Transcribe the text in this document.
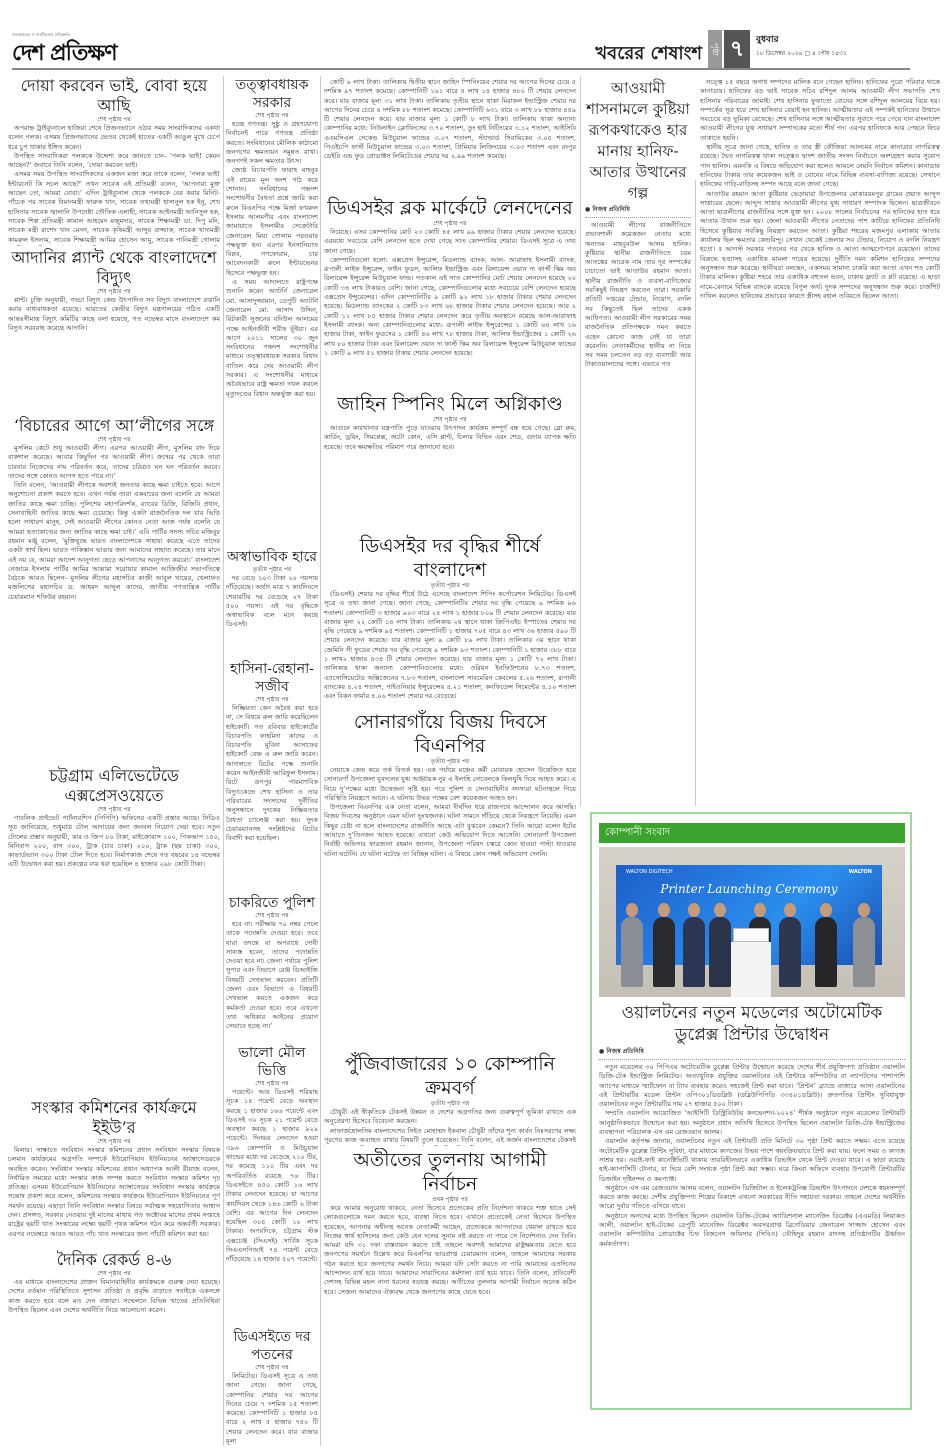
সত্যকথনের ও জাতীয়তার প্রতিশ্রুতি
দেশ প্রতিক্ষণ	খবরের শেষাংশ	পৃষ্ঠা ৭	বুধবার
১৮ ডিসেম্বর ২০২৪ ▢ ৪ পৌষ ১৪৩১
দোয়া করবেন ভাই, বোবা হয়ে আছি
শেষ পৃষ্ঠার পর

অপরাহ্ন ট্রাইব্যুনালে হাজিরা শেষে প্রিজনভ্যানে ওঠার সময় সাংবাদিকদের একথা বলেন পলক। এসময় প্রিজনভ্যানের ভেতর থেকেই হাতের একটি আঙুল মুখে চেপে ধরে চুপ থাকার ইঙ্গিত করেন।

উপস্থিত সাংবাদিকরা পলককে উদ্দেশ্য করে জানতে চান- ‘পলক ভাই! কেমন আছেন?’ জবাবে তিনি বলেন, ‘দোয়া করবেন ভাই।

এসময় সময় উপস্থিত সাংবাদিকদের একজন মজা করে তাকে বলেন, ‘পলক ভাই! ইন্টারনেট কি সচল আছে?’ তখন সাবেক এই প্রতিমন্ত্রী বলেন, ‘আপনারা মুক্ত আছেন তো, আমরা বোবা।’ এদিন ট্রাইব্যুনাল থেকে পলককে বের করার মিনিট-পাঁচেক পর সাবেক বিমানমন্ত্রী ফারুক খান, সাবেক তথ্যমন্ত্রী হাসানুল হক ইনু, শেখ হাসিনার সাবেক জ্বালানি উপদেষ্টা তৌফিক এলাহী, সাবেক আইনমন্ত্রী আনিসুল হক, সাবেক শিল্প প্রতিমন্ত্রী কামাল আহমেদ মজুমদার, সাবেক শিক্ষামন্ত্রী ডা. দিপু মনি, সাবেক মন্ত্রী রাশেদ খান মেনন, সাবেক কৃষিমন্ত্রী আব্দুর রাজ্জাক, সাবেক খাদ্যমন্ত্রী কামরুল ইসলাম, সাবেক শিক্ষামন্ত্রী আমির হোসেন আমু, সাবেক পানিমন্ত্রী গোলাম

আদানির প্ল্যান্ট থেকে বাংলাদেশে বিদ্যুৎ
শেষ পৃষ্ঠার পর

প্লান্ট। চুক্তি অনুযায়ী, গড্ডা বিদ্যুৎ কেন্দ্র উৎপাদিত সব বিদ্যুৎ বাংলাদেশে রপ্তানি করার বাধ্যবাধকতা রয়েছে। ভারতের কেন্দ্রীয় বিদ্যুৎ মন্ত্রণালয়ের গঠিত একটি আন্তঃসীমান্ত বিদ্যুৎ কমিটির কাছে বলা হয়েছে, গত নভেম্বর মাসে বাংলাদেশে কম বিদ্যুৎ সরবরাহ করেছে আদানি।

‘বিচারের আগে আ’লীগের সঙ্গে
শেষ পৃষ্ঠার পর

মুসলিম কেটে শুধু আওয়ামী লীগ। এরপর আওয়ামী লীগ, মুসলিম বাদ দিয়ে বাকশাল করেছে। আবার কিছুদিন পর আওয়ামী লীগ। জন্মের পর থেকে তারা চারবার নিজেদের নাম পরিবর্তন করে, তাদের চরিত্রও ঘন ঘন পরিবর্তন করবে। তাদের সঙ্গে কোনও আপস হতে পারে না।’

তিনি বলেন, ‘আওয়ামী লীগকে অবশ্যই জনতার কাছে ক্ষমা চাইতে হবে। আগে অনুশোচনা প্রকাশ করতে হবে। এখন পর্যন্ত তারা একবারের জন্য বলেনি যে আমরা জাতির কাছে ক্ষমা চাচ্ছি। পুলিশের মহাপরিদর্শক, র‍্যাবের ডিজি, বিজিবি প্রধান, সেনাবাহিনী জাতির কাছে ক্ষমা চেয়েছে। কিন্তু একটা রাজনৈতিক দল যার ভিত্তি হলো সাধারণ মানুষ, সেই আওয়ামী লীগের কোনও নেতা আজ পর্যন্ত বলেনি যে আমরা হত্যাকাণ্ডের জন্য জাতির কাছে ক্ষমা চাই।’ এবি পার্টির সদস্য সচিব মজিবুর রহমান মঞ্জু বলেন, ‘মুক্তিযুদ্ধে ভারত বাংলাদেশকে সাহায্য করেছে এতে তাদের একটা স্বার্থ ছিল। ভারত পাকিস্তান ভাঙার জন্য আমাদের সাহায্য করেছে। তার মানে এই নয় যে, আমরা আদেশ আনুগত্য ছেড়ে আপনাদের আনুগত্য করবো।’ বাংলাদেশ নেজামে ইসলাম পার্টির আমির আল্লামা সরোয়ার কামাল আজিজীর সভাপতিত্বে বৈঠকে আরও ছিলেন- মুসলিম লীগের মহাসচিব কাজী আবুল খায়ের, খেলাফত মজলিসের মহাসচিব ড. আহমদ আব্দুল কাদের, জাতীয় গণতান্ত্রিক পার্টির চেয়ারম্যান শফিউর রহমান।

চট্টগ্রাম এলিভেটেডে এক্সপ্রেসওয়েতে
শেষ পৃষ্ঠার পর

পাবলিক প্রাইভেট পার্টনারশিপ (পিপিপি) অফিসের একটি প্রস্তাব আছে। সিডিএ সূত্র জানিয়েছে, শুধুমাত্র টোল আদায়ের জন্য জনবল নিয়োগ দেয়া হবে। নতুন টোলের প্রস্তাব অনুযায়ী, কার ও জিপ ৮০ টাকা, মাইক্রোবাস ১০০, পিকআপ ১৫০, মিনিবাস ২০০, বাস ৩০০, ট্রাক (চার চাকা) ২০০, ট্রাক (ছয় চাকা) ৩০০, কাভার্ডভ্যান ৩০০ টাকা টোল দিতে হবে। নির্মাণকাজ শেষে গত বছরের ১৪ নভেম্বর এটি উদ্বোধন করা হয়। প্রকল্পের ব্যয় ধরা হয়েছিল ৪ হাজার ২৯৮ কোটি টাকা।

সংস্কার কমিশনের কার্যক্রমে ইইউ’র
শেষ পৃষ্ঠার পর

মিলার। সাক্ষাতে সংবিধান সংস্কার কমিশনের প্রধান সংবিধান সংস্কার বিষয়ক চলমান কার্যক্রমের অগ্রগতি সম্পর্কে ইউরোপিয়ান ইউনিয়নের অ্যাম্বাসেডরকে অবহিত করেন। সংবিধান সংস্কার কমিশনের প্রধান অধ্যাপক আলী রীয়াজ বলেন, নির্ধারিত সময়ের মধ্যে সংস্কার কাজ সম্পন্ন করতে সংবিধান সংস্কার কমিশন দৃঢ় প্রতিজ্ঞ। এসময় ইউরোপিয়ান ইউনিয়নের অ্যাম্বাসেডর সংবিধান সংস্কার কার্যক্রমে সন্তোষ প্রকাশ করে বলেন, কমিশনের সংস্কার কার্যক্রমে ইউরোপিয়ান ইউনিয়নের পূর্ণ সমর্থন রয়েছে। এছাড়া তিনি সংবিধান সংস্কার বিষয়ে সর্বাত্মক সহযোগিতার আশ্বাস দেন। প্রসঙ্গত, সরকার নেওয়ার দুই মাসের মাথায় গত অক্টোবর মাসের প্রথম সপ্তাহে রাষ্ট্রের ছয়টি খাত সংস্কারের লক্ষ্যে ছয়টি পৃথক কমিশন গঠন করে অন্তর্বর্তী সরকার। এরপর নভেম্বরে আরও আরও পাঁচ খাত সংস্কারের জন্য পাঁচটি কমিশন করা হয়।

দৈনিক রেকর্ড ৪-৬
শেষ পৃষ্ঠার পর

এর মাধ্যমে বাংলাদেশের প্রাক্তন বিমানবাহিনীর কার্যক্রমকে গুরুত্ব দেয়া হয়েছে। দেশের বর্তমান পরিস্থিতিতে সুশাসন প্রতিষ্ঠা ও প্রবৃদ্ধি বাড়াতে সবাইকে একসঙ্গে কাজ করতে হবে বলে মত দেন বক্তারা। সম্মেলনে বিভিন্ন খাতের প্রতিনিধিরা উপস্থিত ছিলেন এবং দেশের অর্থনীতি নিয়ে আলোচনা করেন।

তত্ত্বাবধায়ক সরকার
শেষ পৃষ্ঠার পর

হচ্ছে গণতন্ত্র। সুষ্ঠু ও গ্রহণযোগ্য নির্বাচনই পারে গণতন্ত্র প্রতিষ্ঠা করতে। সংবিধানের মৌলিক কাঠামো জনগণের ক্ষমতায়ন সমুন্নত রাখা। জনগণই সকল ক্ষমতার উৎস।

জ্যেষ্ঠ বিচারপতি ফারাহ মাহবুব এই রায়ের মূল অংশ পাঠ করে শোনান। সংবিধানের পঞ্চদশ সংশোধনীর বৈধতা প্রশ্নে জারি করা রুলে বিএনপির পক্ষে মির্জা ফখরুল ইসলাম আলমগীর এবং বাংলাদেশ জামায়াতে ইসলামীর সেক্রেটারি জেনারেল মিয়া গোলাম পরওয়ার পক্ষভুক্ত হন। এরপর ইনসানিয়াত বিপ্লব, গণফোরাম, চার আবেদনকারী রুলে ইন্টারভেনর হিসেবে পক্ষভুক্ত হন।

এ সময় আদালতে রাষ্ট্রপক্ষে শুনানি করেন অ্যাটর্নি জেনারেল মো. আসাদুজ্জামান, ডেপুটি অ্যাটর্নি জেনারেল মো. আসাদ উদ্দিন, রিটকারী সুজনের বদিউল আলমের পক্ষে আইনজীবী শরীফ ভূঁইয়া। এর আগে ২০১১ সালের ৩০ জুন সংবিধানের পঞ্চদশ সংশোধনীর মাধ্যমে তত্ত্বাবধায়ক সরকার বিধান বাতিল করে দেয় আওয়ামী লীগ সরকার। এ সংশোধনীর মাধ্যমে অবৈধভাবে রাষ্ট্র ক্ষমতা দখল করলে মৃত্যুদণ্ডের বিধান অন্তর্ভুক্ত করা হয়।

অস্বাভাবিক হারে
তৃতীয় পৃষ্ঠার পর

দর বেড়ে ১০৩ টাকা ২০ পয়সায় দাঁড়িয়েছে। অর্থাৎ মাত্র ৭ কার্যদিবসে শেয়ারটির দর বেড়েছে ২৭ টাকা ৫০০ পয়সা। এই দর বৃদ্ধিকে অস্বাভাবিক বলে মনে করছে ডিএসই।

হাসিনা-রেহানা-সজীব
শেষ পৃষ্ঠার পর

নিষ্ক্রিয়তা কেন অবৈধ করা হবে না, সে বিষয়ে রুল জারি করেছিলেন হাইকোর্ট। গত রবিবার হাইকোর্টের বিচারপতি ফাহমিদা কাদের ও বিচারপতি মুবিনা আসাফের হাইকোর্ট বেঞ্চ এ রুল জারি করেন। আদালতে রিটের পক্ষে শুনানি করেন আইনজীবী আরিফুল ইসলাম। রিটে রূপপুর পারমাণবিক বিদ্যুৎকেন্দ্রে শেখ হাসিনা ও তার পরিবারের সদস্যদের দুর্নীতির অনুসন্ধানে দুদকের নিষ্ক্রিয়তার বৈধতা চ্যালেঞ্জ করা হয়। দুদক চেয়ারম্যানসহ সংশ্লিষ্টদের রিটের বিবাদী করা হয়েছিল।

চাকরিতে পুলিশ
শেষ পৃষ্ঠার পর

হবে না। পরীক্ষায় ৭০ নম্বর পেলে তাকে পদোন্নতি দেওয়া হবে। তবে যারা তদন্তে বা অপরাধে দোষী সাব্যস্ত হবেন, তাদের পদোন্নতি দেওয়া হবে না। জেলা পর্যায়ে পুলিশ সুপার এবং বিভাগে রেঞ্জ ডিআইজি বিষয়টি দেখভাল করবেন। প্রতিটি জেলা এবং বিভাগে এ বিষয়টি দেখভাল করতে একজন করে কর্মকর্তা দেওয়া হবে। তবে এখনো তথ্য অধিকার আইনের প্রয়োগ সেভাবে হচ্ছে না।’

ভালো মৌল ভিত্তি
শেষ পৃষ্ঠার পর

পয়েন্টে। আর ডিএসই শরিয়াহ সূচক ১৪ পয়েন্ট বেড়ে অবস্থান করছে ১ হাজার ১৬৬ পয়েন্টে এবং ডিএসই ৩০ সূচক ২১ পয়েন্ট বেড়ে অবস্থান করছে ১ হাজার ৯২৯ পয়েন্টে। দিনভর লেনদেন হওয়া ৩৯৬ কোম্পানি ও মিউচুয়াল ফান্ডের মধ্যে দর বেড়েছে ২১০ টির, দর কমেছে ১১০ টির এবং দর অপরিবর্তিত রয়েছে ৭৬ টির। ডিএসইতে ৪৫০ কোটি ১৬ লাখ টাকার লেনদেন হয়েছে। যা আগের কার্যদিবস থেকে ১৪৬ কোটি ৬ টাকা বেশি। এর আগের দিন লেনদেন হয়েছিল ৩০৪ কোটি ১০ লাখ টাকার। অপরদিকে, চট্টগ্রাম স্টক এক্সচেঞ্জ (সিএসই) সার্বিক সূচক সিএএসপিআই ৭৪ পয়েন্ট বেড়ে দাঁড়িয়েছে ১৪ হাজার ৫০৭ পয়েন্টে।

ডিএসইতে দর পতনের
শেষ পৃষ্ঠার পর

লিমিটেড। ডিএসই সূত্রে এ তথ্য জানা গেছে। জানা গেছে, কোম্পানির শেয়ার দর আগের দিনের চেয়ে ৭ দশমিক ১৫ শতাংশ কমেছে। কোম্পানিটি ১ হাজার ৮৫ বারে ২ লাখ ৫ হাজার ৭৫০ টি শেয়ার লেনদেন করে। যার বাজার মূল্য

কোটি ৯ লাখ টাকা। তালিকায় দ্বিতীয় স্থানে জাহিন স্পিনিংয়ের শেয়ার দর আগের দিনের চেয়ে ৫ দশমিক ৯৭ শতাংশ কমেছে। কোম্পানিটি ১৯১ বারে ৪ লাখ ১৪ হাজার ৪৮০ টি শেয়ার লেনদেন করে। যার বাজার মূল্য ৩১ লাখ টাকা। তালিকায় তৃতীয় স্থানে থাকা মিরাকল ইন্ডাস্ট্রিজ শেয়ার দর আগের দিনের চেয়ে ৪ দশমিক ৮৮ শতাংশ কমেছে। কোম্পানিটি ৬৩১ বারে ৩ লাখ ৮৮ হাজার ৪৫৯ টি শেয়ার লেনদেন করে। যার বাজার মূল্য ১ কোটি ৮ লাখ টাকা। তালিকায় থাকা অন্যান্য কোম্পানির মধ্যে: নিউলাইন ক্লোথিংসের ৩.৭০ শতাংশ, তুং হাই নিটিংয়ের ৩.১২ শতাংশ, আইসিবি এএমসিএল সেকেন্ড মিউচুয়াল ফান্ডের ৩.০৭ শতাংশ, স্ট্যান্ডার্ড সিরামিকের ৩.০৫ শতাংশ, পিএইচপি ফার্স্ট মিউচুয়াল ফান্ডের ৩.০৩ শতাংশ, প্রিমিয়ার লিজিংয়ের ৩.০৩ শতাংশ এবং রংপুর ডেইরি এন্ড ফুড প্রোডাক্টস লিমিটেডের শেয়ার দর ২.৯৯ শতাংশ কমেছে।

ডিএসইর ব্লক মার্কেটে লেনদেনের
শেষ পৃষ্ঠার পর

নিয়েছে। এসব কোম্পানির মোট ২৩ কোটি ৪৫ লাখ ৯৯ হাজার টাকার শেয়ার লেনদেন হয়েছে। এরমধ্যে সবচেয়ে বেশি লেনদেন হতে দেখা গেছে সাত কোম্পানির শেয়ার। ডিএসই সূত্রে এ তথ্য জানা গেছে।

কোম্পানিগুলো হলো: এক্সপ্রেস ইন্সুরেন্স, মিডল্যান্ড ব্যাংক, আল- আরাফাহ ইসলামী ব্যাংক, রূপালী লাইফ ইন্সুরেন্স, ফাইন ফুডস, আলিফ ইন্ডাস্ট্রিজ এবং রিলায়েন্স ওয়ান দ্য ফার্স্ট স্কিম অব রিলায়েন্স ইন্সুরেন্স মিউচুয়াল ফান্ড। গতকাল এই সাত কোম্পানির মোট শেয়ার লেনদেন হয়েছে ২০ কোটি ৩৪ লাখ টাকারও বেশি। জানা গেছে, কোম্পানিগুলোর মধ্যে সবচেয়ে বেশি লেনদেন হয়েছে এক্সপ্রেস ইন্সুরেন্সের। এদিন কোম্পানিটির ৯ কোটি ৯২ লাখ ১৮ হাজার টাকার শেয়ার লেনদেন হয়েছে। মিডল্যান্ড ব্যাংকের ২ কোটি ৮৩ লাখ ৬৮ হাজার টাকার শেয়ার লেনদেন হয়েছে। আর ২ কোটি ১১ লাখ ৮৫ হাজার টাকার শেয়ার লেনদেন করে তৃতীয় অবস্থানে রয়েছে আল-আরাফাহ ইসলামী ব্যাংক। অন্য কোম্পানিগুলোর মধ্যে: রূপালী লাইফ ইন্সুরেন্সের ১ কোটি ৬৪ লাখ ১৬ হাজার টাকা, ফাইন ফুডসের ১ কোটি ৪৬ লাখ ৭৮ হাজার টাকা, আলিফ ইন্ডাস্ট্রিজের ১ কোটি ২৬ লাখ ৮০ হাজার টাকা এবং রিলায়েন্স ওয়ান দ্য ফার্স্ট স্কিম অব রিলায়েন্স ইন্সুরেন্স মিউচুয়াল ফান্ডের ১ কোটি ৯ লাখ ৫১ হাজার টাকার শেয়ার লেনদেন হয়েছে।

জাহিন স্পিনিং মিলে অগ্নিকাণ্ড
শেষ পৃষ্ঠার পর

আগুনে কারখানার যন্ত্রপাতি পুড়ে যাওয়ায় উৎপাদন কার্যক্রম সম্পূর্ণ বন্ধ হয়ে গেছে। ব্লো রুম, কার্ডিং, ড্রয়িং, সিমপ্লেক্স, অটো কোন, এসি প্লান্ট, চিলার বিল্ডিং এবং শেড, গুদাম ব্যাপক ক্ষতি হয়েছে। তবে ক্ষয়ক্ষতির পরিমাণ পরে জানানো হবে।

ডিএসইর দর বৃদ্ধির শীর্ষে বাংলাদেশ
তৃতীয় পৃষ্ঠার পর

(ডিএসই) শেয়ার দর বৃদ্ধির শীর্ষে উঠে এসেছে বাংলাদেশ শিপিং কর্পোরেশন লিমিটেড। ডিএসই সূত্রে এ তথ্য জানা গেছে। জানা গেছে, কোম্পানিটির শেয়ার দর বৃদ্ধি পেয়েছে ৯ দশমিক ৯৬ শতাংশ। কোম্পানিটি ৩ হাজার ৯০৩ বারে ২৪ লাখ ১ হাজার ৮০৯ টি শেয়ার লেনদেন করেছে। যার বাজার মূল্য ২২ কোটি ১৪ লাখ টাকা। তালিকায় ২য় স্থানে থাকা জিপিএইচ ইস্পাতের শেয়ার দর বৃদ্ধি পেয়েছে ৯ দশমিক ৯৫ শতাংশ। কোম্পানিটি ১ হাজার ৭০৫ বারে ৪৩ লাখ ৩৬ হাজার ৫৯০ টি শেয়ার লেনদেন করেছে। যার বাজার মূল্য ৯ কোটি ৮৯ লাখ টাকা। তালিকার ৩য় স্থানে থাকা জেমিনি সী ফুডের শেয়ার দর বৃদ্ধি পেয়েছে ৯ দশমিক ৯৩ শতাংশ। কোম্পানিটি ১ হাজার ৩৮৮ বারে ১ লাখ২ হাজার ৪৩৪ টি শেয়ার লেনদেন করেছে। যার বাজার মূল্য ১ কোটি ৭২ লাখ টাকা। তালিকায় থাকা অন্যান্য কোম্পানিগুলোর মধ্যে: ওরিয়ন ইনফিউশনের ৮.৭৩ শতাংশ, এ্যাসোসিয়েটেড অক্সিজেনের ৭.৮৩ শতাংশ, বাংলাদেশ সাবমেরিন কেবলের ৫.২৬ শতাংশ, রূপালী ব্যাংকের ৪.২৪ শতাংশ, পাইওনিয়ার ইন্সুরেন্সের ৪.২১ শতাংশ, কনফিডেন্স সিমেন্টের ৪.১০ শতাংশ এবং বিকন ফার্মার ৪.০৬ শতাংশ শেয়ার দর বেড়েছে।

সোনারগাঁয়ে বিজয় দিবসে বিএনপির
তৃতীয় পৃষ্ঠার পর

নেয়াকে কেন্দ্র করে তর্ক বিতর্ক হয়। এক পর্যায়ে মঞ্চের কর্মী মোবারক হোসেন উত্তেজিত হয়ে সোনারগাঁ উপজেলা যুবদলের যুগ্ম আহ্বায়ক নুর এ ইলাহি নোবেলকে কিলঘুষি দিয়ে আহত করে। এ নিয়ে দু’পক্ষের মধ্যে উত্তেজনা সৃষ্টি হয়। পরে পুলিশ ও সেনাবাহিনীর সদস্যরা ঘটনাস্থলে গিয়ে পরিস্থিতি নিয়ন্ত্রণে আনে। এ ঘটনায় উভয় পক্ষের বেশ কয়েকজন আহত হন।

উপজেলা বিএনপির এক নেতা বলেন, আমরা দীর্ঘদিন ধরে রাজপথে আন্দোলন করে আসছি। বিজয় দিবসের অনুষ্ঠানে এমন ঘটনা দুঃখজনক। ঘটনা সামনে দাঁড়িয়ে থেকে নিয়ন্ত্রণে নিয়েছি। এমন কিছুর চেষ্টা না হলে বাংলাদেশের রাজনীতি আছে এটা বুঝবেন কেমনে? তিনি আরো বলেন ইটের আঘাতে দু’তিনজন আহত হয়েছে। এখনো কেউ অভিযোগ দিতে আসেনি। সোনারগাঁ উপজেলা নির্বাহী অফিসার ফারজানা রহমান জানান, উপজেলা পরিষদ চত্বরে কোন ধাওয়া পাল্টা ধাওয়ার ঘটনা ঘটেনি। যে ঘটনা ঘটেছে তা বিচ্ছিন্ন ঘটনা। এ বিষয়ে কোন পক্ষই অভিযোগ দেননি।

পুঁজিবাজারের ১০ কোম্পানি ক্রমবর্গ
তৃতীয় পৃষ্ঠার পর

চৌধুরী এই স্বীকৃতিকে টেকসই উন্নয়ন ও দেশের অগ্রগতির জন্য গুরুত্বপূর্ণ ভূমিকা রাখতে এক অনুপ্রেরণা হিসেবে বিবেচনা করছেন।

লাফার্জহোলসিম বাংলাদেশের সিইও মোহাম্মদ ইকবাল চৌধুরী তাঁদের শূন্য কার্বন নিঃসরণের লক্ষ্য পূরণের কাজ অব্যাহত রাখার বিষয়টি তুলে ধরেছেন। তিনি বলেন, এই অর্জন বাংলাদেশের টেকসই

অতীতের তুলনায় আগামী নির্বাচন
প্রথম পৃষ্ঠার পর

করে আমার অনুরোধ থাকবে, নেতা হিসেবে প্রত্যেকের প্রতি নির্দেশনা থাকবে শক্ত হাতে সেই লোকগুলোকে দমন করতে হবে, ব্যবস্থা নিতে হবে। এখানে প্রত্যেকেই নেতা হিসেবে উপস্থিত হয়েছেন, আপনার অধীনস্থ অনেক নেতাকর্মী আছেন, প্রত্যেককে আপনাদের খেয়াল রাখতে হবে নিজের স্বার্থ হাসিলের জন্য কেউ যেন দলের সুনাম নষ্ট করতে না পারে সে নির্দেশনাও দেন তিনি। আমরা যদি ৩১ দফা বাস্তবায়ন করতে চাই তাহলে অবশ্যই আমাদের রাষ্ট্রক্ষমতায় যেতে হবে জনগণের সমর্থনে উল্লেখ করে বিএনপির ভারপ্রাপ্ত চেয়ারম্যান বলেন, তাহলে আমাদের সরকার গঠন করতে হবে জনগণের সমর্থন নিয়ে। আমরা যদি সেটা করতে না পারি আমাদের এতদিনের আন্দোলন ব্যর্থ হয়ে যাবে। আমাদের সারাদিনের কর্মশালা ব্যর্থ হয়ে যাবে। তিনি বলেন, প্রতিবেশী দেশসহ বিভিন্ন মহল নানা ধরনের ষড়যন্ত্র করছে। অতীতের তুলনায় আগামী নির্বাচন অনেক কঠিন হবে। সেজন্য আমাদের ঐক্যবদ্ধ থেকে জনগণের কাছে যেতে হবে।

আওয়ামী শাসনামলে কুষ্টিয়া রূপকথাকেও হার মানায় হানিফ-আতার উত্থানের গল্প
● নিজস্ব প্রতিনিধি

আওয়ামী লীগের রাজনীতিতে প্রভাবশালী কয়েকজন নেতার মধ্যে অন্যতম মাহবুবউল আলম হানিফ। কুষ্টিয়ার স্থানীয় রাজনীতিতে চরম আতঙ্কের আরেক নাম তার দূর সম্পর্কের চাচাতো ভাই আতাউর রহমান আতা। স্থানীয় রাজনীতি ও ব্যবসা-বাণিজ্যের সবকিছুই নিয়ন্ত্রণ করতেন তারা। সরকারি প্রতিটি দপ্তরের টেন্ডার, নিয়োগ, বদলি সব কিছুতেই ছিল তাদের একক আধিপত্য। আওয়ামী লীগ সরকারের সময় রাজনৈতিক প্রতিপক্ষকে দমন করতে এহেন কোনো কাজ নেই যা তারা করেননি। নেতাকর্মীদের স্থানীয় না নিয়ে সব সময় চলতেন বড় বড় ব্যবসায়ী আর টাকাওয়ালাদের সঙ্গে। এভাবে গত

সত্ত্বে ১৫ বছরে অগাধ সম্পদের মালিক বনে গেছেন হানিফ। হানিফের পুরো পরিবার থাকে কানাডায়। হানিফের বড় ভাই সাবেক সচিব রশিদুল আলম আওয়ামী লীগ সভাপতি শেখ হাসিনার পরিবারের জামাই। শেখ হাসিনার ফুফাতো বোনের সঙ্গে রশিদুল আলমের বিয়ে হয়। সম্পর্কের সূত্র ধরে শেখ হাসিনার বেয়াই হন হানিফ। আত্মীয়তার এই সম্পর্কই হানিফের উত্থানে সবচেয়ে বড় ভূমিকা রেখেছে। শেখ হাসিনার সঙ্গে আত্মীয়তার সুবাদে পরে পেয়ে যান বাংলাদেশ আওয়ামী লীগের যুগ্ম সাধারণ সম্পাদকের মতো শীর্ষ পদ। এরপর হানিফকে আর পেছনে ফিরে তাকাতে হয়নি।

স্থানীয় সূত্রে জানা গেছে, হানিফ ও তার স্ত্রী ফৌজিয়া আলমের নামে কানাডার নাগরিকত্ব রয়েছে। দ্বৈত নাগরিকত্ব থাকা সত্ত্বেও দ্বাদশ জাতীয় সংসদ নির্বাচনে অংশগ্রহণ করার সুযোগ পান হানিফ। এমনকি এ বিষয়ে অভিযোগ করা হলেও আমলে নেয়নি নির্বাচন কমিশন। কানাডায় হানিফের টাকায় তার কয়েকজন ভাই ও বোনের নামে বিভিন্ন ব্যবসা-বাণিজ্য রয়েছে। সেখানে হানিফের গাড়ি-বাড়িসহ সম্পদ আছে বলে জানা গেছে।

আতাউর রহমান আতা কুষ্টিয়ার ভেড়ামারা উপজেলার মোকাররমপুর গ্রামের প্রয়াত আব্দুস সাত্তারের ছেলে। আব্দুস সাত্তার আওয়ামী লীগের যুগ্ম সাধারণ সম্পাদক ছিলেন। ছাত্রজীবনে আতা ছাত্রলীগের রাজনীতির সঙ্গে যুক্ত হন। ২০০৮ সালের নির্বাচনের পর হানিফের হাত ধরে আতার উত্থান শুরু হয়। জেলা আওয়ামী লীগের নেতাদের পাশ কাটিয়ে হানিফের প্রতিনিধি হিসেবে কুষ্টিয়ার সবকিছু নিয়ন্ত্রণ করতেন আতা। কুষ্টিয়া শহরের মজমপুর এলাকায় আতার কার্যালয় ছিল ক্ষমতার কেন্দ্রবিন্দু। সেখান থেকেই জেলার সব টেন্ডার, নিয়োগ ও বদলি নিয়ন্ত্রণ হতো। ৫ আগস্ট সরকার পতনের পর থেকে হানিফ ও আতা আত্মগোপনে রয়েছেন। তাদের বিরুদ্ধে হত্যাসহ একাধিক মামলা দায়ের হয়েছে। দুর্নীতি দমন কমিশন হানিফের সম্পদের অনুসন্ধান শুরু করেছে। স্থানীয়রা বলছেন, একসময় সামান্য চাকরি করা আতা এখন শত কোটি টাকার মালিক। কুষ্টিয়া শহরে তার একাধিক বহুতল ভবন, ঢাকায় ফ্ল্যাট ও প্লট রয়েছে। এ ছাড়া নামে-বেনামে বিভিন্ন ব্যাংকে রয়েছে বিপুল অর্থ। দুদক সম্পদের অনুসন্ধান শুরু করে। চার্জশিট দাখিল করলেও হানিফের প্রভাবের কারণে স্ত্রীসহ বহাল তবিয়তে ছিলেন আতা।

কোম্পানী সংবাদ
WALTON DIGITECH	WALTON
Printer Launching Ceremony
ওয়ালটনের নতুন মডেলের অটোমেটিক ডুপ্লেক্স প্রিন্টার উদ্বোধন
● নিজস্ব প্রতিনিধি

নতুন মডেলের ৩০ পিপিএম অটোমেটিক ডুপ্লেক্স প্রিন্টার উন্মোচন করেছে দেশের শীর্ষ প্রযুক্তিপণ্য প্রতিষ্ঠান ওয়ালটন ডিজি-টেক ইন্ডাস্ট্রিজ লিমিটেড। অত্যাধুনিক প্রযুক্তির ওয়ালটনের এই প্রিন্টারে কম্পিউটার বা ল্যাপটপের পাশাপাশি অ্যাপের মাধ্যমে স্মার্টফোন বা ট্যাব ব্যবহার করেও সহজেই প্রিন্ট করা যাবে। ‘প্রিন্টন’ ব্র্যান্ডে বাজারে আসা ওয়ালটনের এই প্রিন্টারটির মডেল প্রিন্টন ওপি৩০১ডিডব্লিউ (ডব্লিউপিপিডি ৩৩৪০১ডব্লিউ)। দ্রুতগতির প্রিন্টিং সুবিধাযুক্ত ওয়ালটনের নতুন প্রিন্টারটির দাম ২৭ হাজার ৫০০ টাকা।

সম্প্রতি ওয়ালটন আয়োজিত ‘আইসিটি ডিস্ট্রিবিউটর কনভেনশন-২০২৪’ শীর্ষক অনুষ্ঠানে নতুন মডেলের প্রিন্টারটি আনুষ্ঠানিকভাবে উন্মোচন করা হয়। অনুষ্ঠানে প্রধান অতিথি হিসেবে উপস্থিত ছিলেন ওয়ালটন ডিজি-টেক ইন্ডাস্ট্রিজের ব্যবস্থাপনা পরিচালক এস এম রেজওয়ান আলম।

ওয়ালটন কর্তৃপক্ষ জানায়, ওয়ালটনের নতুন এই প্রিন্টারটি প্রতি মিনিটে ৩০ পৃষ্ঠা প্রিন্ট করতে সক্ষম। এতে রয়েছে অটোমেটিক ডুপ্লেক্স প্রিন্টিং সুবিধা, যার মাধ্যমে কাগজের উভয় পাশে স্বয়ংক্রিয়ভাবে প্রিন্ট করা যায়। ফলে সময় ও কাগজ সাশ্রয় হয়। ওয়াই-ফাই কানেক্টিভিটি থাকায় তারবিহীনভাবে একাধিক ডিভাইস থেকে প্রিন্ট দেওয়া যাবে। এ ছাড়া রয়েছে হাই-ক্যাপাসিটি টোনার, যা দিয়ে বেশি সংখ্যক পৃষ্ঠা প্রিন্ট করা সম্ভব। ঘরে কিংবা অফিসে ব্যবহার উপযোগী প্রিন্টারটির ডিজাইন দৃষ্টিনন্দন ও কমপ্যাক্ট।

অনুষ্ঠানে এস এম রেজওয়ান আলম বলেন, ওয়ালটন ডিজিটাল ও ইলেকট্রনিক্স ডিভাইস উৎপাদনে দেশকে স্বয়ংসম্পূর্ণ করতে কাজ করছে। দেশীয় প্রযুক্তিপণ্য শিল্পের বিকাশে এখনো সরকারের নীতি সহায়তা দরকার। তাহলে দেশের অর্থনীতি আরো দুর্বার গতিতে এগিয়ে যাবে।

অনুষ্ঠানে অন্যদের মধ্যে উপস্থিত ছিলেন ওয়ালটন ডিজি-টেকের অ্যাডিশনাল ম্যানেজিং ডিরেক্টর (এএমডি) লিয়াকত আলী, ওয়ালটন হাই-টেকের ডেপুটি ম্যানেজিং ডিরেক্টর অবসরপ্রাপ্ত ব্রিগেডিয়ার জেনারেল সাজ্জাদ হোসেন এবং ওয়ালটন কম্পিউটার প্রোডাক্টের চিফ বিজনেস অফিসার (সিবিও) তৌহিদুর রহমান রাদসহ প্রতিষ্ঠানটির ঊর্ধ্বতন কর্মকর্তাগণ।
